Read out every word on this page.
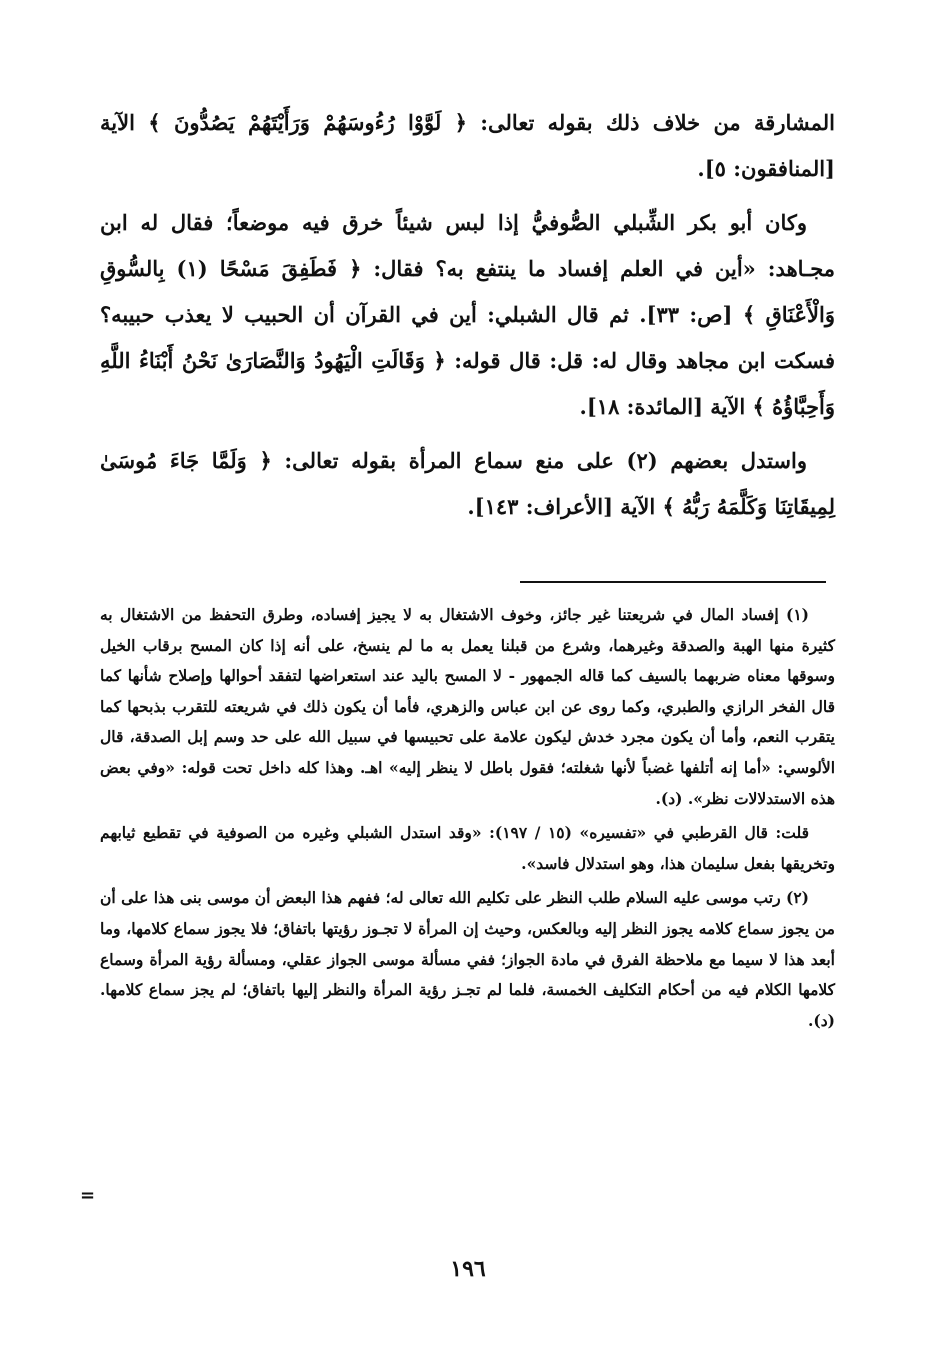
المشارقة من خلاف ذلك بقوله تعالى: ﴿ لَوَّوْا رُءُوسَهُمْ وَرَأَيْتَهُمْ يَصُدُّونَ ﴾ الآية [المنافقون: ٥].

وكان أبو بكر الشِّبلي الصُّوفيُّ إذا لبس شيئاً خرق فيه موضعاً؛ فقال له ابن مجـاهد: «أين في العلم إفساد ما ينتفع به؟ فقال: ﴿ فَطَفِقَ مَسْحًا (١) بِالسُّوقِ وَالْأَعْنَاقِ ﴾ [ص: ٣٣]. ثم قال الشبلي: أين في القرآن أن الحبيب لا يعذب حبيبه؟ فسكت ابن مجاهد وقال له: قل: قال قوله: ﴿ وَقَالَتِ الْيَهُودُ وَالنَّصَارَىٰ نَحْنُ أَبْنَاءُ اللَّهِ وَأَحِبَّاؤُهُ ﴾ الآية [المائدة: ١٨].

واستدل بعضهم (٢) على منع سماع المرأة بقوله تعالى: ﴿ وَلَمَّا جَاءَ مُوسَىٰ لِمِيقَاتِنَا وَكَلَّمَهُ رَبُّهُ ﴾ الآية [الأعراف: ١٤٣].

(١) إفساد المال في شريعتنا غير جائز، وخوف الاشتغال به لا يجيز إفساده، وطرق التحفظ من الاشتغال به كثيرة منها الهبة والصدقة وغيرهما، وشرع من قبلنا يعمل به ما لم ينسخ، على أنه إذا كان المسح برقاب الخيل وسوقها معناه ضربهما بالسيف كما قاله الجمهور - لا المسح باليد عند استعراضها لتفقد أحوالها وإصلاح شأنها كما قال الفخر الرازي والطبري، وكما روى عن ابن عباس والزهري، فأما أن يكون ذلك في شريعته للتقرب بذبحها كما يتقرب النعم، وأما أن يكون مجرد خدش ليكون علامة على تحبيسها في سبيل الله على حد وسم إبل الصدقة، قال الألوسي: «أما إنه أتلفها غضباً لأنها شغلته؛ فقول باطل لا ينظر إليه» اهـ. وهذا كله داخل تحت قوله: «وفي بعض هذه الاستدلالات نظر». (د).

قلت: قال القرطبي في «تفسيره» (١٥ / ١٩٧): «وقد استدل الشبلي وغيره من الصوفية في تقطيع ثيابهم وتخريقها بفعل سليمان هذا، وهو استدلال فاسد».

(٢) رتب موسى عليه السلام طلب النظر على تكليم الله تعالى له؛ ففهم هذا البعض أن موسى بنى هذا على أن من يجوز سماع كلامه يجوز النظر إليه وبالعكس، وحيث إن المرأة لا تجـوز رؤيتها باتفاق؛ فلا يجوز سماع كلامها، وما أبعد هذا لا سيما مع ملاحظة الفرق في مادة الجواز؛ ففي مسألة موسى الجواز عقلي، ومسألة رؤية المرأة وسماع كلامها الكلام فيه من أحكام التكليف الخمسة، فلما لم تجـز رؤية المرأة والنظر إليها باتفاق؛ لم يجز سماع كلامها. (د).

=
١٩٦
